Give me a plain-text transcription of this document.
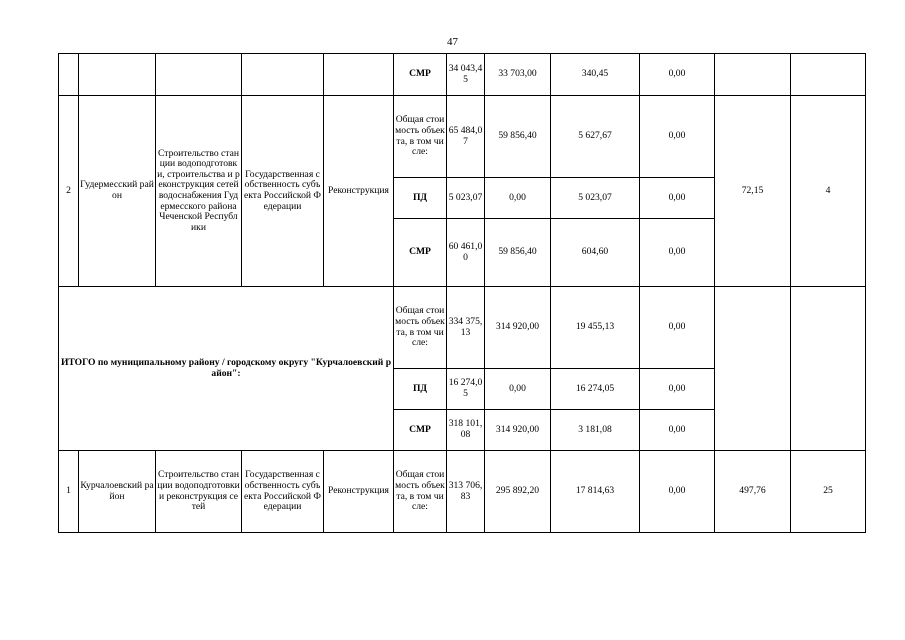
47
					СМР	34 043,45	33 703,00	340,45	0,00		
2	Гудермесский район	Строительство станции водоподготовки, строительства и реконструкция сетей водоснабжения Гудермесского района Чеченской Республики	Государственная собственность субъекта Российской Федерации	Реконструкция	Общая стоимость объекта, в том числе:	65 484,07	59 856,40	5 627,67	0,00	72,15	4
					ПД	5 023,07	0,00	5 023,07	0,00		
					СМР	60 461,00	59 856,40	604,60	0,00		
ИТОГО по муниципальному району / городскому округу "Курчалоевский район":					Общая стоимость объекта, в том числе:	334 375,13	314 920,00	19 455,13	0,00		
					ПД	16 274,05	0,00	16 274,05	0,00		
					СМР	318 101,08	314 920,00	3 181,08	0,00		
1	Курчалоевский район	Строительство станции водоподготовки и реконструкция сетей	Государственная собственность субъекта Российской Федерации	Реконструкция	Общая стоимость объекта, в том числе:	313 706,83	295 892,20	17 814,63	0,00	497,76	25
